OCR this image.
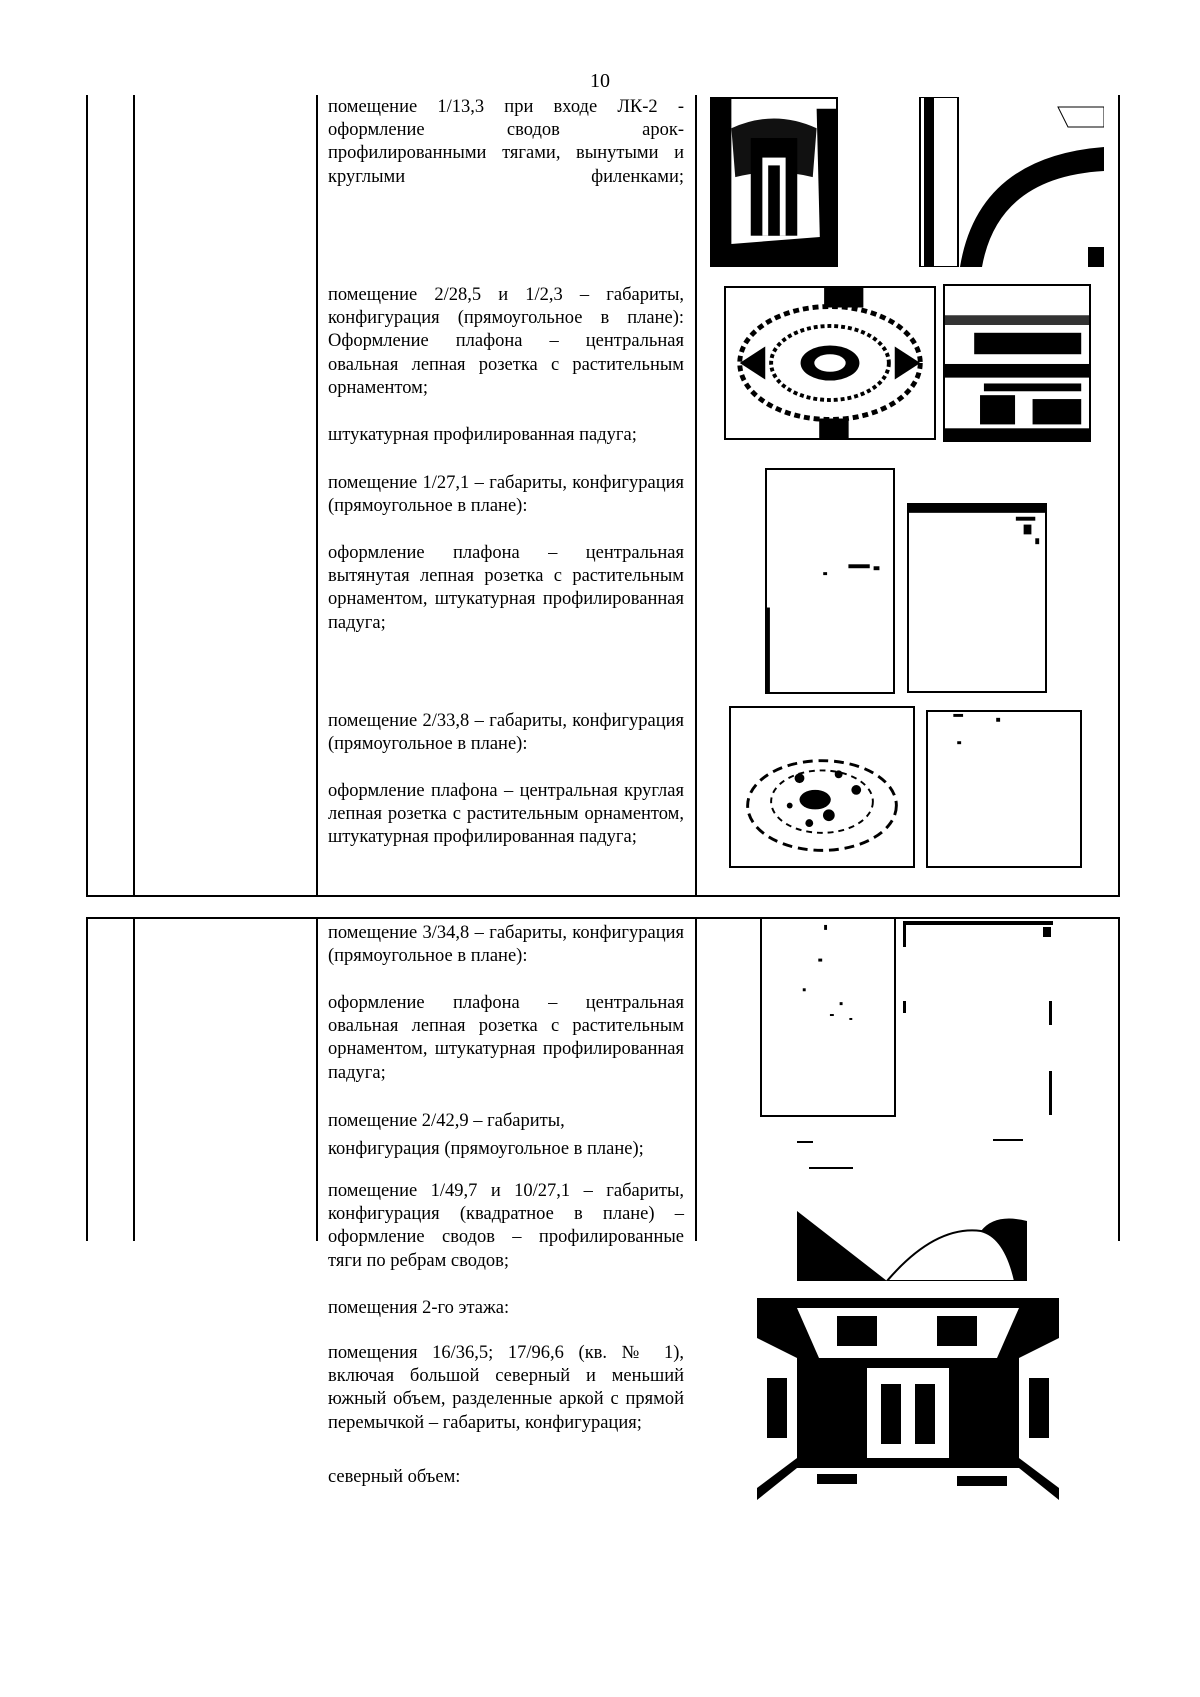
10
помещение 1/13,3 при входе ЛК-2 - оформление сводов арок-профилированными тягами, вынутыми и круглыми филенками;
помещение 2/28,5 и 1/2,3 – габариты, конфигурация (прямоугольное в плане): Оформление плафона – центральная овальная лепная розетка с растительным орнаментом;
штукатурная профилированная падуга;
помещение 1/27,1 – габариты, конфигурация (прямоугольное в плане):
оформление плафона – центральная вытянутая лепная розетка с растительным орнаментом, штукатурная профилированная падуга;
помещение 2/33,8 – габариты, конфигурация (прямоугольное в плане):
оформление плафона – центральная круглая лепная розетка с растительным орнаментом, штукатурная профилированная падуга;
помещение 3/34,8 – габариты, конфигурация (прямоугольное в плане):
оформление плафона – центральная овальная лепная розетка с растительным орнаментом, штукатурная профилированная падуга;
помещение 2/42,9 – габариты,
конфигурация (прямоугольное в плане);
помещение 1/49,7 и 10/27,1 – габариты, конфигурация (квадратное в плане) – оформление сводов – профилированные тяги по ребрам сводов;
помещения 2-го этажа:
помещения 16/36,5; 17/96,6 (кв. № 1), включая большой северный и меньший южный объем, разделенные аркой с прямой перемычкой – габариты, конфигурация;
северный объем:
